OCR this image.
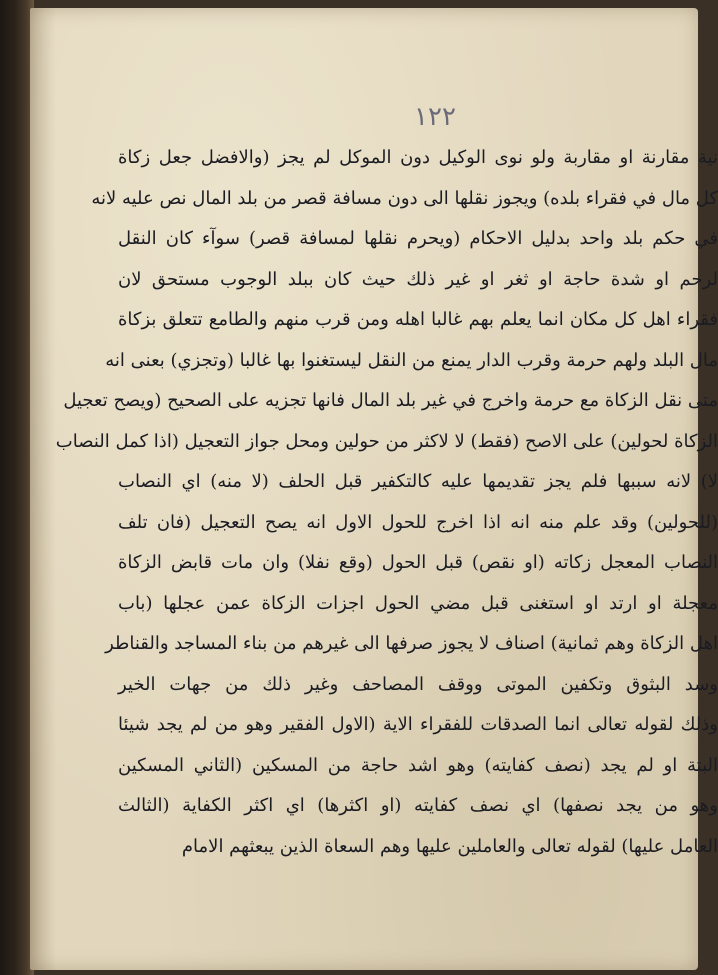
١٢٢
نية مقارنة او مقاربة ولو نوى الوكيل دون الموكل لم يجز (والافضل جعل زكاة
كل مال في فقراء بلده) ويجوز نقلها الى دون مسافة قصر من بلد المال نص عليه لانه
في حكم بلد واحد بدليل الاحكام (ويحرم نقلها لمسافة قصر) سوآء كان النقل
لرحم او شدة حاجة او ثغر او غير ذلك حيث كان ببلد الوجوب مستحق لان
فقراء اهل كل مكان انما يعلم بهم غالبا اهله ومن قرب منهم والطامع تتعلق بزكاة
مال البلد ولهم حرمة وقرب الدار يمنع من النقل ليستغنوا بها غالبا (وتجزي) بعنى انه
متى نقل الزكاة مع حرمة واخرج في غير بلد المال فانها تجزيه على الصحيح (ويصح تعجيل
الزكاة لحولين) على الاصح (فقط) لا لاكثر من حولين ومحل جواز التعجيل (اذا كمل النصاب
لا) لانه سببها فلم يجز تقديمها عليه كالتكفير قبل الحلف (لا منه) اي النصاب
(للحولين) وقد علم منه انه اذا اخرج للحول الاول انه يصح التعجيل (فان تلف
النصاب المعجل زكاته (او نقص) قبل الحول (وقع نفلا) وان مات قابض الزكاة
معجلة او ارتد او استغنى قبل مضي الحول اجزات الزكاة عمن عجلها (باب
اهل الزكاة وهم ثمانية) اصناف لا يجوز صرفها الى غيرهم من بناء المساجد والقناطر
وسد البثوق وتكفين الموتى ووقف المصاحف وغير ذلك من جهات الخير
وذلك لقوله تعالى انما الصدقات للفقراء الاية (الاول الفقير وهو من لم يجد شيئا
البتة او لم يجد (نصف كفايته) وهو اشد حاجة من المسكين (الثاني المسكين
وهو من يجد نصفها) اي نصف كفايته (او اكثرها) اي اكثر الكفاية (الثالث
العامل عليها) لقوله تعالى والعاملين عليها وهم السعاة الذين يبعثهم الامام
